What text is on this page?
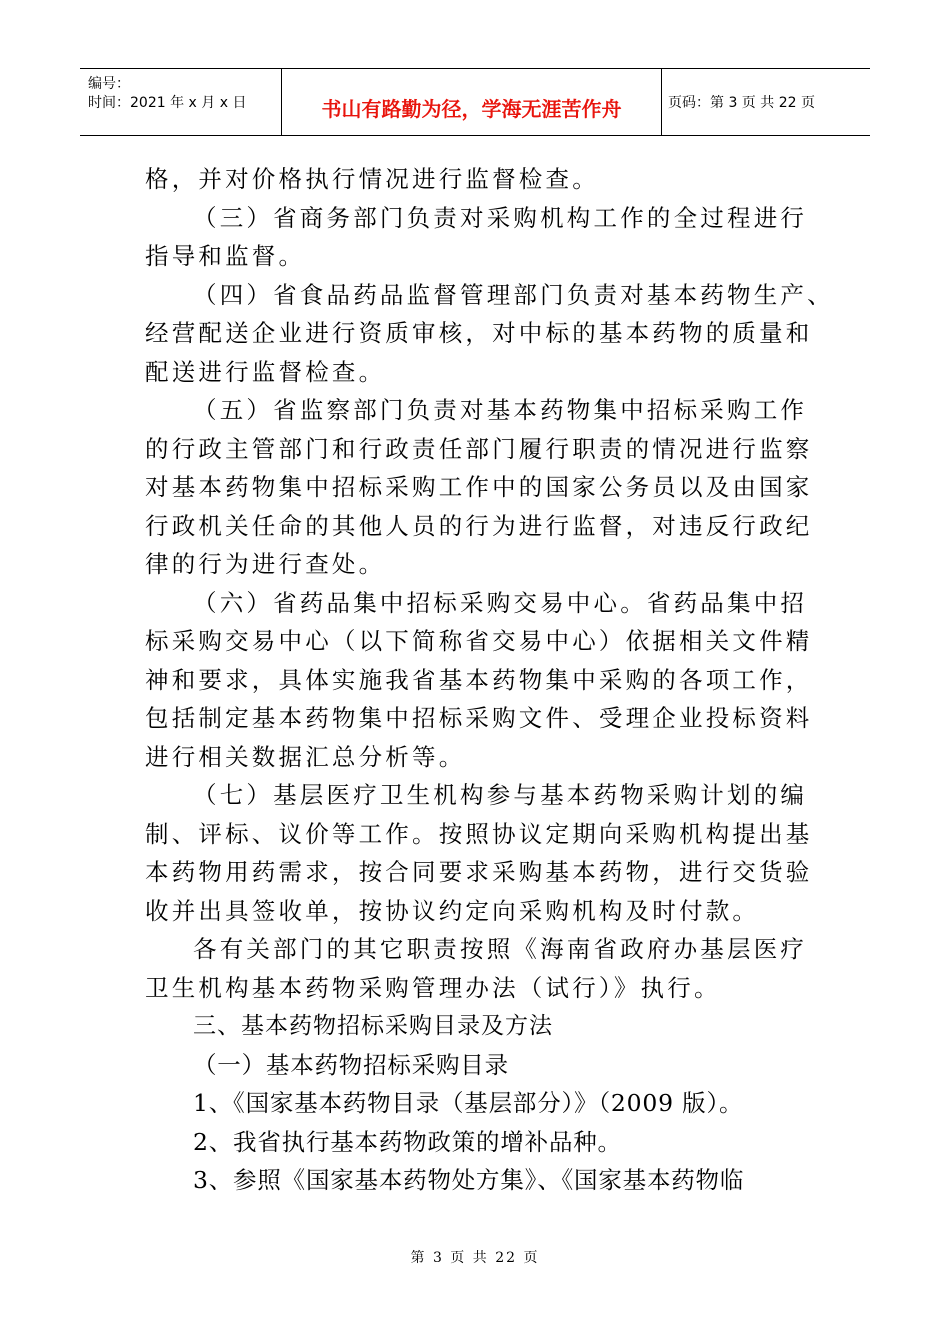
编号：
时间：2021 年 x 月 x 日	书山有路勤为径，学海无涯苦作舟	页码：第 3 页 共 22 页

格，并对价格执行情况进行监督检查。

（三）省商务部门负责对采购机构工作的全过程进行

指导和监督。

（四）省食品药品监督管理部门负责对基本药物生产、

经营配送企业进行资质审核，对中标的基本药物的质量和

配送进行监督检查。

（五）省监察部门负责对基本药物集中招标采购工作

的行政主管部门和行政责任部门履行职责的情况进行监察

对基本药物集中招标采购工作中的国家公务员以及由国家

行政机关任命的其他人员的行为进行监督，对违反行政纪

律的行为进行查处。

（六）省药品集中招标采购交易中心。省药品集中招

标采购交易中心（以下简称省交易中心）依据相关文件精

神和要求，具体实施我省基本药物集中采购的各项工作，

包括制定基本药物集中招标采购文件、受理企业投标资料

进行相关数据汇总分析等。

（七）基层医疗卫生机构参与基本药物采购计划的编

制、评标、议价等工作。按照协议定期向采购机构提出基

本药物用药需求，按合同要求采购基本药物，进行交货验

收并出具签收单，按协议约定向采购机构及时付款。

各有关部门的其它职责按照《海南省政府办基层医疗

卫生机构基本药物采购管理办法（试行）》执行。

三、基本药物招标采购目录及方法

（一）基本药物招标采购目录

1、《国家基本药物目录（基层部分）》（2009 版）。

2、我省执行基本药物政策的增补品种。

3、参照《国家基本药物处方集》、《国家基本药物临

第 3 页 共 22 页
